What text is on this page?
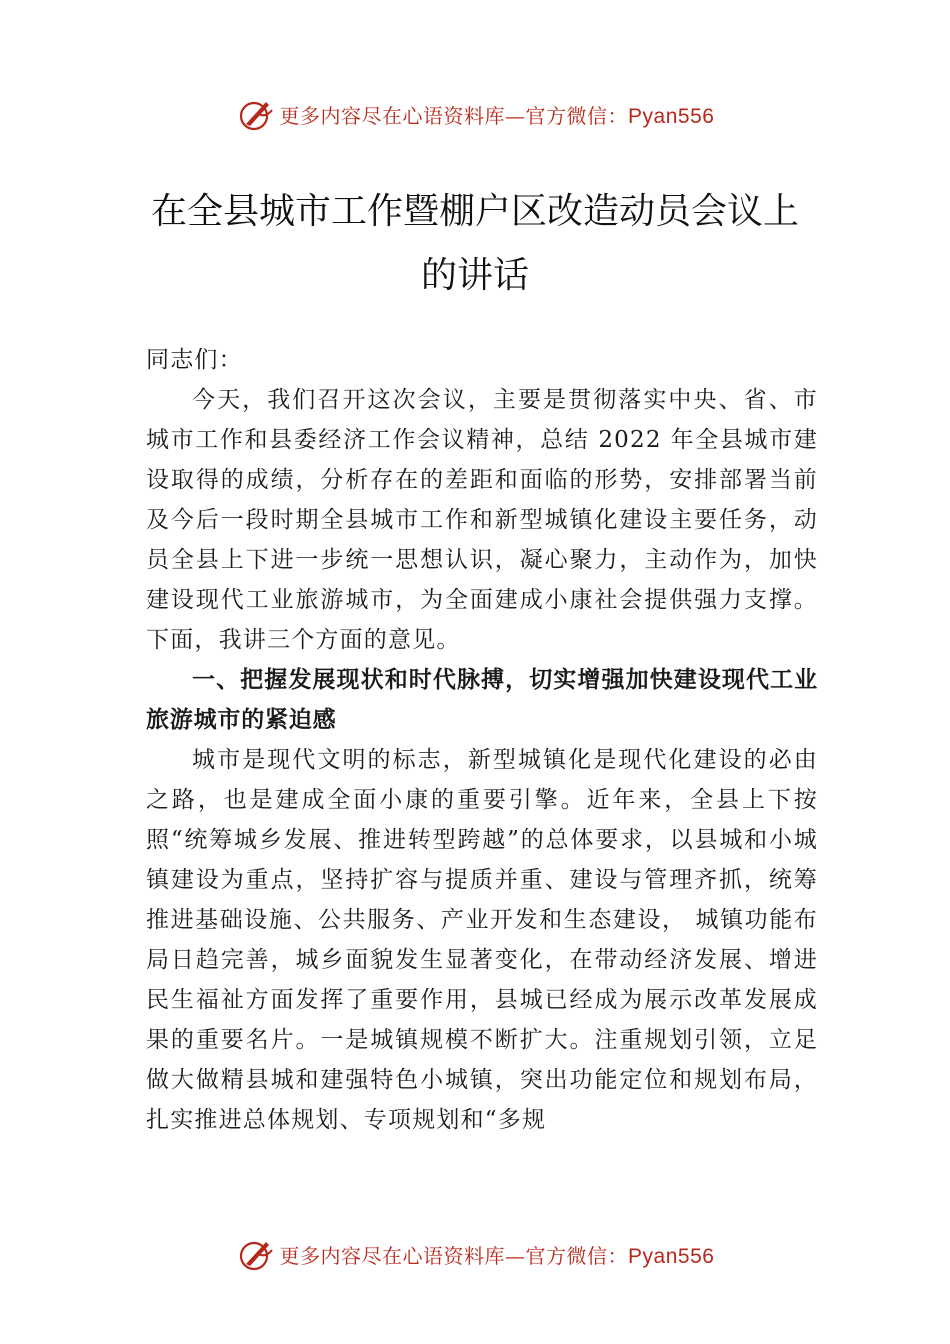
更多内容尽在心语资料库—官方微信：Pyan556
在全县城市工作暨棚户区改造动员会议上
的讲话

同志们：

今天，我们召开这次会议，主要是贯彻落实中央、省、市城市工作和县委经济工作会议精神，总结 2022 年全县城市建设取得的成绩，分析存在的差距和面临的形势，安排部署当前及今后一段时期全县城市工作和新型城镇化建设主要任务，动员全县上下进一步统一思想认识，凝心聚力，主动作为，加快建设现代工业旅游城市，为全面建成小康社会提供强力支撑。下面，我讲三个方面的意见。

一、把握发展现状和时代脉搏，切实增强加快建设现代工业旅游城市的紧迫感

城市是现代文明的标志，新型城镇化是现代化建设的必由之路，也是建成全面小康的重要引擎。近年来，全县上下按照“统筹城乡发展、推进转型跨越”的总体要求，以县城和小城镇建设为重点，坚持扩容与提质并重、建设与管理齐抓，统筹推进基础设施、公共服务、产业开发和生态建设， 城镇功能布局日趋完善，城乡面貌发生显著变化，在带动经济发展、增进民生福祉方面发挥了重要作用，县城已经成为展示改革发展成果的重要名片。一是城镇规模不断扩大。注重规划引领，立足做大做精县城和建强特色小城镇，突出功能定位和规划布局，扎实推进总体规划、专项规划和“多规

更多内容尽在心语资料库—官方微信：Pyan556
